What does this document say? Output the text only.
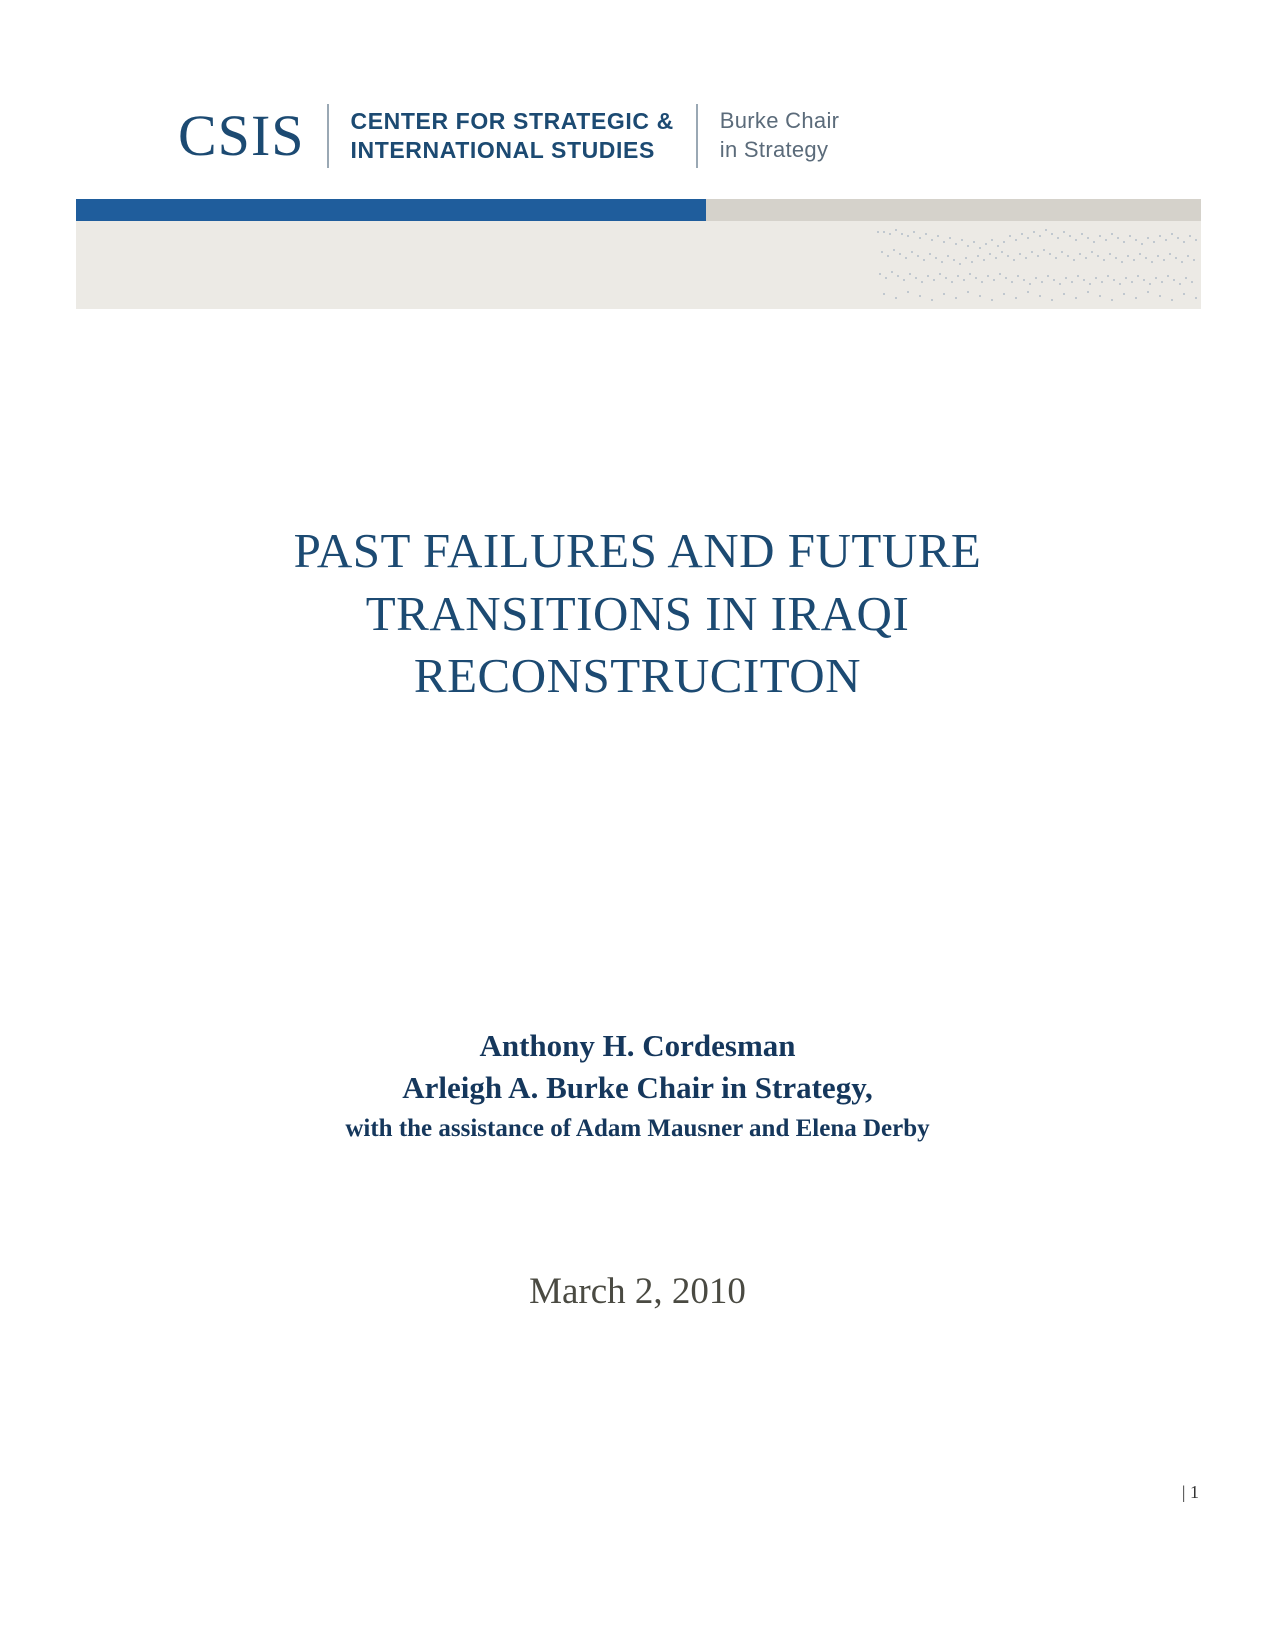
CSIS	CENTER FOR STRATEGIC &
INTERNATIONAL STUDIES
Burke Chair
in Strategy
PAST FAILURES AND FUTURE
TRANSITIONS IN IRAQI
RECONSTRUCITON
Anthony H. Cordesman
Arleigh A. Burke Chair in Strategy,
with the assistance of Adam Mausner and Elena Derby
March 2, 2010
| 1
